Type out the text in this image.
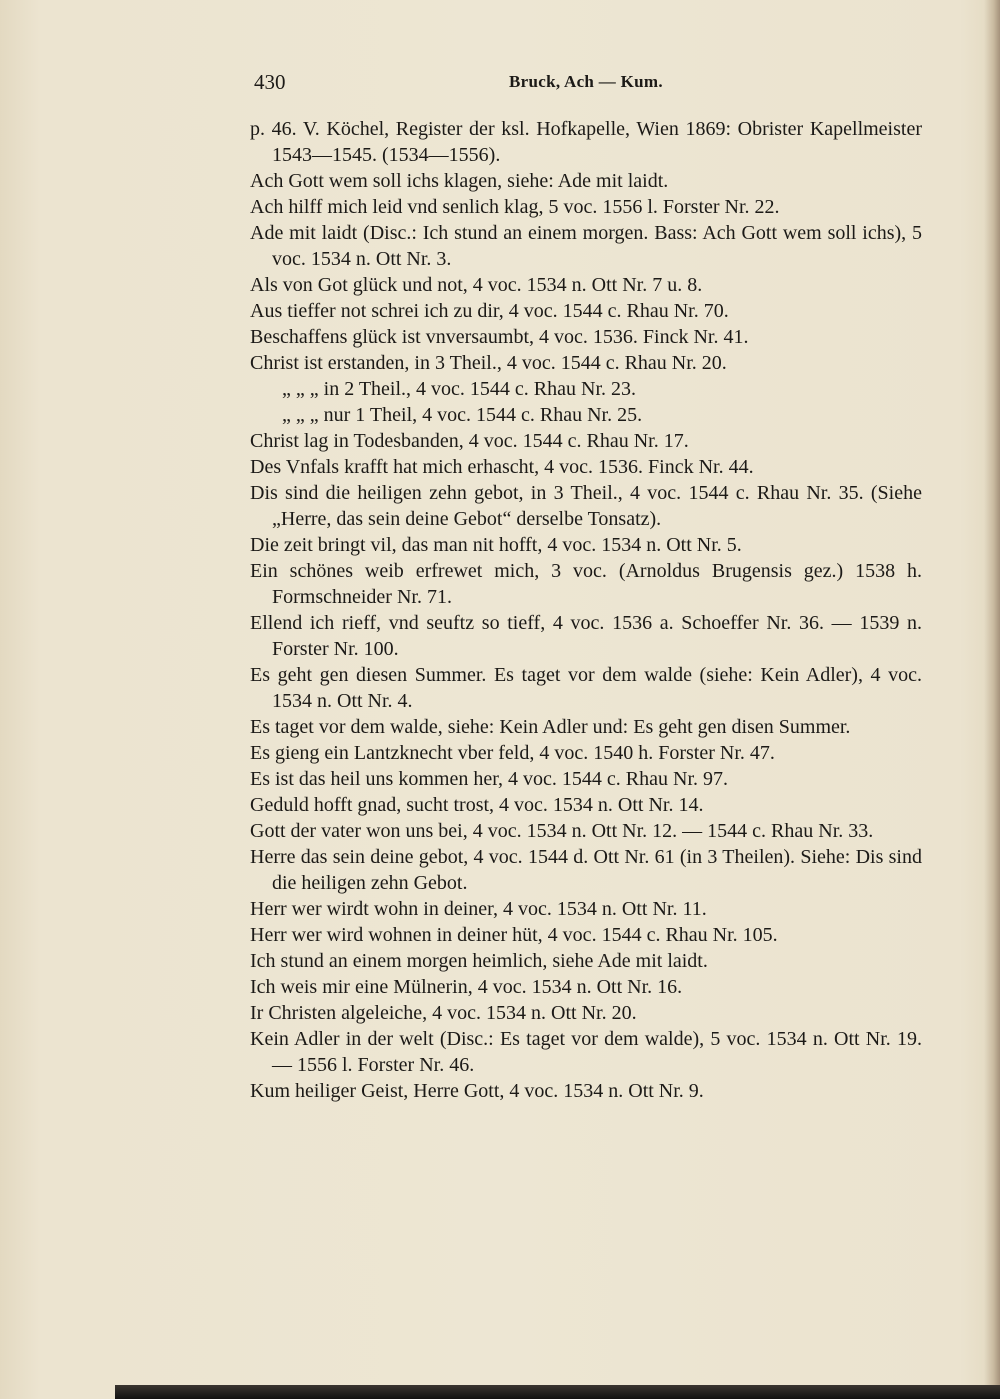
430	Bruck, Ach — Kum.

p. 46. V. Köchel, Register der ksl. Hofkapelle, Wien 1869: Obrister Kapellmeister 1543—1545. (1534—1556).

Ach Gott wem soll ichs klagen, siehe: Ade mit laidt.

Ach hilff mich leid vnd senlich klag, 5 voc. 1556 l. Forster Nr. 22.

Ade mit laidt (Disc.: Ich stund an einem morgen. Bass: Ach Gott wem soll ichs), 5 voc. 1534 n. Ott Nr. 3.

Als von Got glück und not, 4 voc. 1534 n. Ott Nr. 7 u. 8.

Aus tieffer not schrei ich zu dir, 4 voc. 1544 c. Rhau Nr. 70.

Beschaffens glück ist vnversaumbt, 4 voc. 1536. Finck Nr. 41.

Christ ist erstanden, in 3 Theil., 4 voc. 1544 c. Rhau Nr. 20.

„ „ „ in 2 Theil., 4 voc. 1544 c. Rhau Nr. 23.

„ „ „ nur 1 Theil, 4 voc. 1544 c. Rhau Nr. 25.

Christ lag in Todesbanden, 4 voc. 1544 c. Rhau Nr. 17.

Des Vnfals krafft hat mich erhascht, 4 voc. 1536. Finck Nr. 44.

Dis sind die heiligen zehn gebot, in 3 Theil., 4 voc. 1544 c. Rhau Nr. 35. (Siehe „Herre, das sein deine Gebot“ derselbe Tonsatz).

Die zeit bringt vil, das man nit hofft, 4 voc. 1534 n. Ott Nr. 5.

Ein schönes weib erfrewet mich, 3 voc. (Arnoldus Brugensis gez.) 1538 h. Formschneider Nr. 71.

Ellend ich rieff, vnd seuftz so tieff, 4 voc. 1536 a. Schoeffer Nr. 36. — 1539 n. Forster Nr. 100.

Es geht gen diesen Summer. Es taget vor dem walde (siehe: Kein Adler), 4 voc. 1534 n. Ott Nr. 4.

Es taget vor dem walde, siehe: Kein Adler und: Es geht gen disen Summer.

Es gieng ein Lantzknecht vber feld, 4 voc. 1540 h. Forster Nr. 47.

Es ist das heil uns kommen her, 4 voc. 1544 c. Rhau Nr. 97.

Geduld hofft gnad, sucht trost, 4 voc. 1534 n. Ott Nr. 14.

Gott der vater won uns bei, 4 voc. 1534 n. Ott Nr. 12. — 1544 c. Rhau Nr. 33.

Herre das sein deine gebot, 4 voc. 1544 d. Ott Nr. 61 (in 3 Theilen). Siehe: Dis sind die heiligen zehn Gebot.

Herr wer wirdt wohn in deiner, 4 voc. 1534 n. Ott Nr. 11.

Herr wer wird wohnen in deiner hüt, 4 voc. 1544 c. Rhau Nr. 105.

Ich stund an einem morgen heimlich, siehe Ade mit laidt.

Ich weis mir eine Mülnerin, 4 voc. 1534 n. Ott Nr. 16.

Ir Christen algeleiche, 4 voc. 1534 n. Ott Nr. 20.

Kein Adler in der welt (Disc.: Es taget vor dem walde), 5 voc. 1534 n. Ott Nr. 19. — 1556 l. Forster Nr. 46.

Kum heiliger Geist, Herre Gott, 4 voc. 1534 n. Ott Nr. 9.
